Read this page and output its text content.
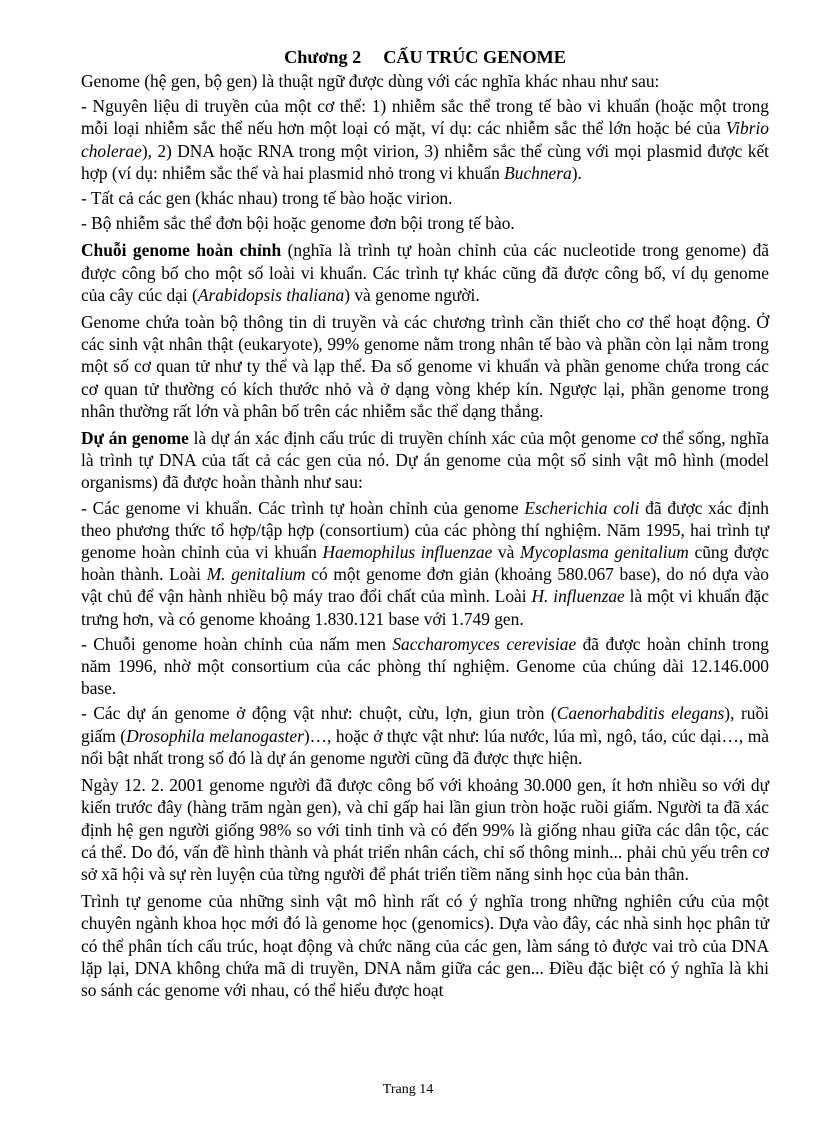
Chương 2 CẤU TRÚC GENOME

Genome (hệ gen, bộ gen) là thuật ngữ được dùng với các nghĩa khác nhau như sau:

- Nguyên liệu di truyền của một cơ thể: 1) nhiễm sắc thể trong tế bào vi khuẩn (hoặc một trong mỗi loại nhiễm sắc thể nếu hơn một loại có mặt, ví dụ: các nhiễm sắc thể lớn hoặc bé của Vibrio cholerae), 2) DNA hoặc RNA trong một virion, 3) nhiễm sắc thể cùng với mọi plasmid được kết hợp (ví dụ: nhiễm sắc thể và hai plasmid nhỏ trong vi khuẩn Buchnera).

- Tất cả các gen (khác nhau) trong tế bào hoặc virion.

- Bộ nhiễm sắc thể đơn bội hoặc genome đơn bội trong tế bào.

Chuỗi genome hoàn chỉnh (nghĩa là trình tự hoàn chỉnh của các nucleotide trong genome) đã được công bố cho một số loài vi khuẩn. Các trình tự khác cũng đã được công bố, ví dụ genome của cây cúc dại (Arabidopsis thaliana) và genome người.

Genome chứa toàn bộ thông tin di truyền và các chương trình cần thiết cho cơ thể hoạt động. Ở các sinh vật nhân thật (eukaryote), 99% genome nằm trong nhân tế bào và phần còn lại nằm trong một số cơ quan tử như ty thể và lạp thể. Đa số genome vi khuẩn và phần genome chứa trong các cơ quan tử thường có kích thước nhỏ và ở dạng vòng khép kín. Ngược lại, phần genome trong nhân thường rất lớn và phân bố trên các nhiễm sắc thể dạng thẳng.

Dự án genome là dự án xác định cấu trúc di truyền chính xác của một genome cơ thể sống, nghĩa là trình tự DNA của tất cả các gen của nó. Dự án genome của một số sinh vật mô hình (model organisms) đã được hoàn thành như sau:

- Các genome vi khuẩn. Các trình tự hoàn chỉnh của genome Escherichia coli đã được xác định theo phương thức tổ hợp/tập hợp (consortium) của các phòng thí nghiệm. Năm 1995, hai trình tự genome hoàn chỉnh của vi khuẩn Haemophilus influenzae và Mycoplasma genitalium cũng được hoàn thành. Loài M. genitalium có một genome đơn giản (khoảng 580.067 base), do nó dựa vào vật chủ để vận hành nhiều bộ máy trao đổi chất của mình. Loài H. influenzae là một vi khuẩn đặc trưng hơn, và có genome khoảng 1.830.121 base với 1.749 gen.

- Chuỗi genome hoàn chỉnh của nấm men Saccharomyces cerevisiae đã được hoàn chỉnh trong năm 1996, nhờ một consortium của các phòng thí nghiệm. Genome của chúng dài 12.146.000 base.

- Các dự án genome ở động vật như: chuột, cừu, lợn, giun tròn (Caenorhabditis elegans), ruồi giấm (Drosophila melanogaster)…, hoặc ở thực vật như: lúa nước, lúa mì, ngô, táo, cúc dại…, mà nổi bật nhất trong số đó là dự án genome người cũng đã được thực hiện.

Ngày 12. 2. 2001 genome người đã được công bố với khoảng 30.000 gen, ít hơn nhiều so với dự kiến trước đây (hàng trăm ngàn gen), và chỉ gấp hai lần giun tròn hoặc ruồi giấm. Người ta đã xác định hệ gen người giống 98% so với tinh tinh và có đến 99% là giống nhau giữa các dân tộc, các cá thể. Do đó, vấn đề hình thành và phát triển nhân cách, chỉ số thông minh... phải chủ yếu trên cơ sở xã hội và sự rèn luyện của từng người để phát triển tiềm năng sinh học của bản thân.

Trình tự genome của những sinh vật mô hình rất có ý nghĩa trong những nghiên cứu của một chuyên ngành khoa học mới đó là genome học (genomics). Dựa vào đây, các nhà sinh học phân tử có thể phân tích cấu trúc, hoạt động và chức năng của các gen, làm sáng tỏ được vai trò của DNA lặp lại, DNA không chứa mã di truyền, DNA nằm giữa các gen... Điều đặc biệt có ý nghĩa là khi so sánh các genome với nhau, có thể hiểu được hoạt

Trang 14
